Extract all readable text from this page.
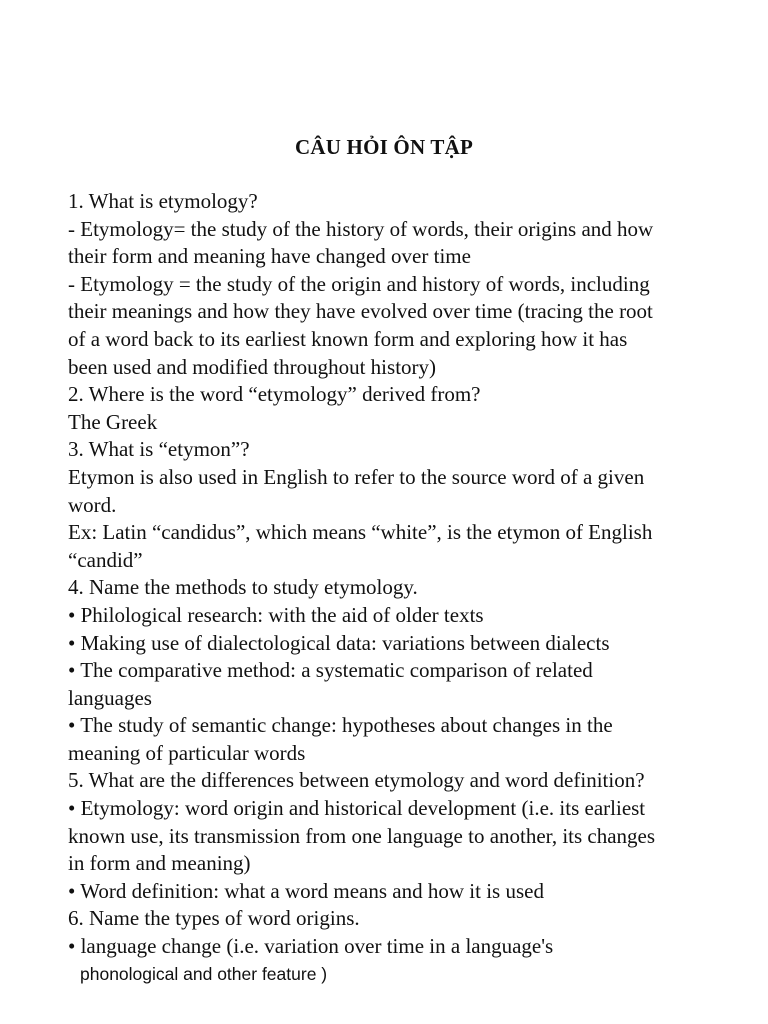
CÂU HỎI ÔN TẬP
1. What is etymology?
- Etymology= the study of the history of words, their origins and how
their form and meaning have changed over time
- Etymology = the study of the origin and history of words, including
their meanings and how they have evolved over time (tracing the root
of a word back to its earliest known form and exploring how it has
been used and modified throughout history)
2. Where is the word “etymology” derived from?
The Greek
3. What is “etymon”?
Etymon is also used in English to refer to the source word of a given
word.
Ex: Latin “candidus”, which means “white”, is the etymon of English
“candid”
4. Name the methods to study etymology.
• Philological research: with the aid of older texts
• Making use of dialectological data: variations between dialects
• The comparative method: a systematic comparison of related
languages
• The study of semantic change: hypotheses about changes in the
meaning of particular words
5. What are the differences between etymology and word definition?
• Etymology: word origin and historical development (i.e. its earliest
known use, its transmission from one language to another, its changes
in form and meaning)
• Word definition: what a word means and how it is used
6. Name the types of word origins.
• language change (i.e. variation over time in a language's
phonological and other feature )
